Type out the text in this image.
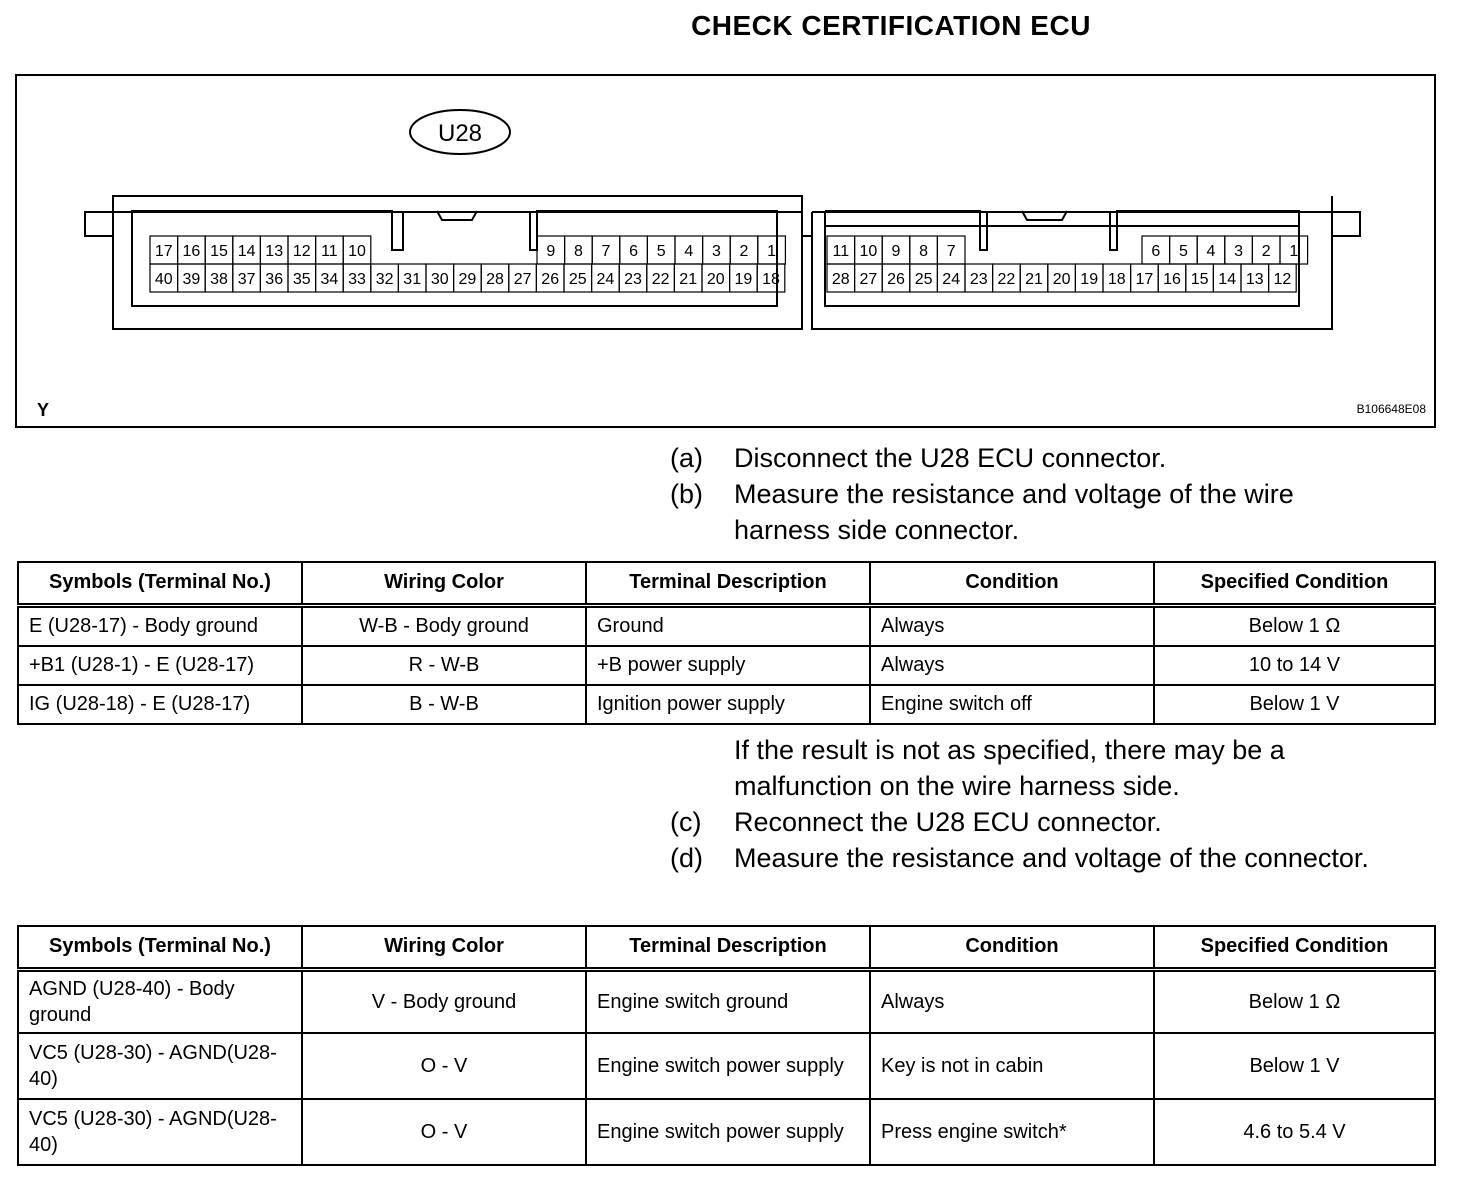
CHECK CERTIFICATION ECU
U28
17 16 15 14 13 12 11 10	9 8 7 6 5 4 3 2 1
40 39 38 37 36 35 34 33 32 31 30 29 28 27 26 25 24 23 22 21 20 19 18
11 10 9 8 7	6 5 4 3 2 1
28 27 26 25 24 23 22 21 20 19 18 17 16 15 14 13 12
Y	B106648E08
(a)	Disconnect the U28 ECU connector.
(b)	Measure the resistance and voltage of the wire harness side connector.
Symbols (Terminal No.)	Wiring Color	Terminal Description	Condition	Specified Condition
E (U28-17) - Body ground	W-B - Body ground	Ground	Always	Below 1 Ω
+B1 (U28-1) - E (U28-17)	R - W-B	+B power supply	Always	10 to 14 V
IG (U28-18) - E (U28-17)	B - W-B	Ignition power supply	Engine switch off	Below 1 V
If the result is not as specified, there may be a malfunction on the wire harness side.
(c)	Reconnect the U28 ECU connector.
(d)	Measure the resistance and voltage of the connector.
Symbols (Terminal No.)	Wiring Color	Terminal Description	Condition	Specified Condition
AGND (U28-40) - Body ground	V - Body ground	Engine switch ground	Always	Below 1 Ω
VC5 (U28-30) - AGND(U28-40)	O - V	Engine switch power supply	Key is not in cabin	Below 1 V
VC5 (U28-30) - AGND(U28-40)	O - V	Engine switch power supply	Press engine switch*	4.6 to 5.4 V
